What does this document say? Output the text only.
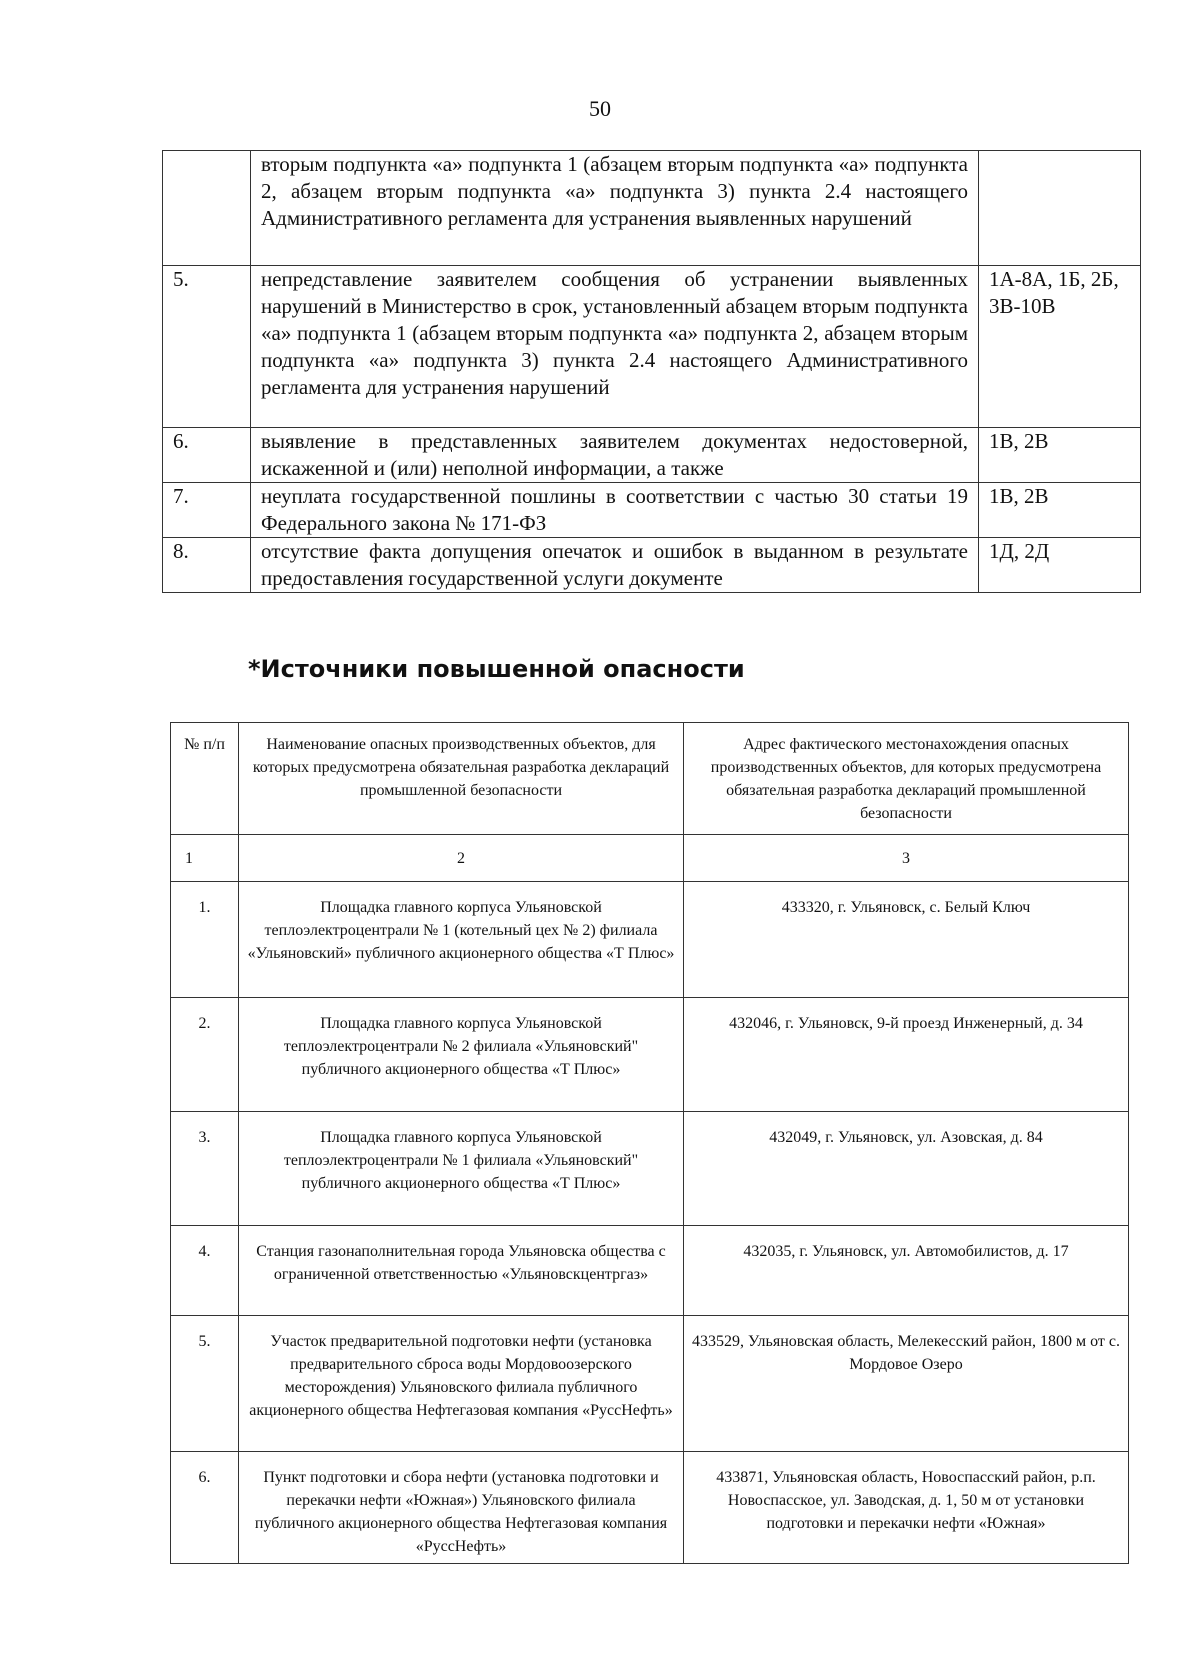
50
	вторым подпункта «а» подпункта 1 (абзацем вторым подпункта «а» подпункта 2, абзацем вторым подпункта «а» подпункта 3) пункта 2.4 настоящего Административного регламента для устранения выявленных нарушений	
5.	непредставление заявителем сообщения об устранении выявленных нарушений в Министерство в срок, установленный абзацем вторым подпункта «а» подпункта 1 (абзацем вторым подпункта «а» подпункта 2, абзацем вторым подпункта «а» подпункта 3) пункта 2.4 настоящего Административного регламента для устранения нарушений	1А-8А, 1Б, 2Б, 3В-10В
6.	выявление в представленных заявителем документах недостоверной, искаженной и (или) неполной информации, а также	1В, 2В
7.	неуплата государственной пошлины в соответствии с частью 30 статьи 19 Федерального закона № 171-ФЗ	1В, 2В
8.	отсутствие факта допущения опечаток и ошибок в выданном в результате предоставления государственной услуги документе	1Д, 2Д
*Источники повышенной опасности
№ п/п	Наименование опасных производственных объектов, для которых предусмотрена обязательная разработка деклараций промышленной безопасности	Адрес фактического местонахождения опасных производственных объектов, для которых предусмотрена обязательная разработка деклараций промышленной безопасности
1	2	3
1.	Площадка главного корпуса Ульяновской теплоэлектроцентрали № 1 (котельный цех № 2) филиала «Ульяновский» публичного акционерного общества «Т Плюс»	433320, г. Ульяновск, с. Белый Ключ
2.	Площадка главного корпуса Ульяновской теплоэлектроцентрали № 2 филиала «Ульяновский" публичного акционерного общества «Т Плюс»	432046, г. Ульяновск, 9-й проезд Инженерный, д. 34
3.	Площадка главного корпуса Ульяновской теплоэлектроцентрали № 1 филиала «Ульяновский" публичного акционерного общества «Т Плюс»	432049, г. Ульяновск, ул. Азовская, д. 84
4.	Станция газонаполнительная города Ульяновска общества с ограниченной ответственностью «Ульяновскцентргаз»	432035, г. Ульяновск, ул. Автомобилистов, д. 17
5.	Участок предварительной подготовки нефти (установка предварительного сброса воды Мордовоозерского месторождения) Ульяновского филиала публичного акционерного общества Нефтегазовая компания «РуссНефть»	433529, Ульяновская область, Мелекесский район, 1800 м от с. Мордовое Озеро
6.	Пункт подготовки и сбора нефти (установка подготовки и перекачки нефти «Южная») Ульяновского филиала публичного акционерного общества Нефтегазовая компания «РуссНефть»	433871, Ульяновская область, Новоспасский район, р.п. Новоспасское, ул. Заводская, д. 1, 50 м от установки подготовки и перекачки нефти «Южная»
